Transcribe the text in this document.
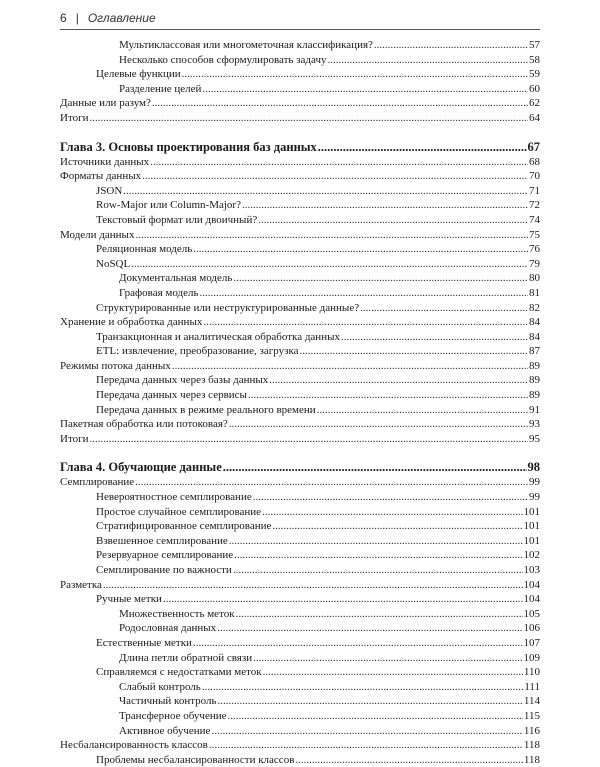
6 | Оглавление
Мультиклассовая или многометочная классификация? .....	57
Несколько способов сформулировать задачу .....	58
Целевые функции .....	59
Разделение целей .....	60
Данные или разум? .....	62
Итоги .....	64
Глава 3. Основы проектирования баз данных .....	67
Источники данных .....	68
Форматы данных .....	70
JSON .....	71
Row-Major или Column-Major? .....	72
Текстовый формат или двоичный? .....	74
Модели данных .....	75
Реляционная модель .....	76
NoSQL .....	79
Документальная модель .....	80
Графовая модель .....	81
Структурированные или неструктурированные данные? .....	82
Хранение и обработка данных .....	84
Транзакционная и аналитическая обработка данных .....	84
ETL: извлечение, преобразование, загрузка .....	87
Режимы потока данных .....	89
Передача данных через базы данных .....	89
Передача данных через сервисы .....	89
Передача данных в режиме реального времени .....	91
Пакетная обработка или потоковая? .....	93
Итоги .....	95
Глава 4. Обучающие данные .....	98
Семплирование .....	99
Невероятностное семплирование .....	99
Простое случайное семплирование .....	101
Стратифицированное семплирование .....	101
Взвешенное семплирование .....	101
Резервуарное семплирование .....	102
Семплирование по важности .....	103
Разметка .....	104
Ручные метки .....	104
Множественность меток .....	105
Родословная данных .....	106
Естественные метки .....	107
Длина петли обратной связи .....	109
Справляемся с недостатками меток .....	110
Слабый контроль .....	111
Частичный контроль .....	114
Трансферное обучение .....	115
Активное обучение .....	116
Несбалансированность классов .....	118
Проблемы несбалансированности классов .....	118
